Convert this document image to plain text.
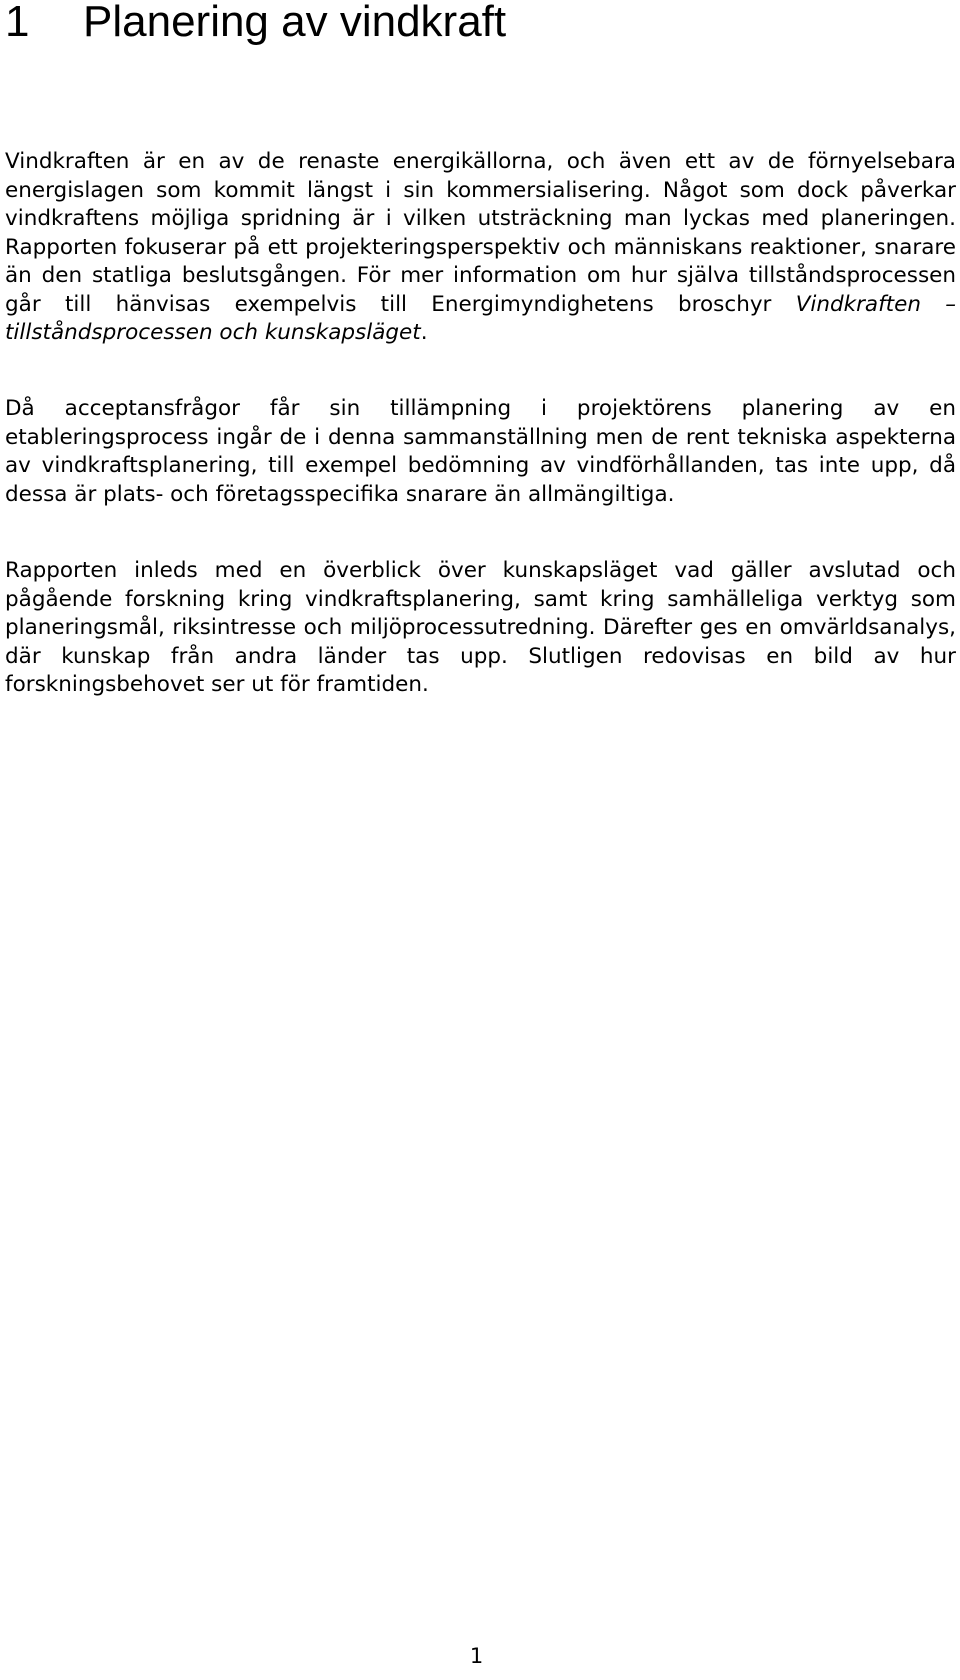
1 Planering av vindkraft

Vindkraften är en av de renaste energikällorna, och även ett av de förnyelsebara energislagen som kommit längst i sin kommersialisering. Något som dock påverkar vindkraftens möjliga spridning är i vilken utsträckning man lyckas med planeringen. Rapporten fokuserar på ett projekteringsperspektiv och människans reaktioner, snarare än den statliga beslutsgången. För mer information om hur själva tillståndsprocessen går till hänvisas exempelvis till Energimyndighetens broschyr Vindkraften – tillståndsprocessen och kunskapsläget.

Då acceptansfrågor får sin tillämpning i projektörens planering av en etableringsprocess ingår de i denna sammanställning men de rent tekniska aspekterna av vindkraftsplanering, till exempel bedömning av vindförhållanden, tas inte upp, då dessa är plats- och företagsspecifika snarare än allmängiltiga.

Rapporten inleds med en överblick över kunskapsläget vad gäller avslutad och pågående forskning kring vindkraftsplanering, samt kring samhälleliga verktyg som planeringsmål, riksintresse och miljöprocessutredning. Därefter ges en omvärldsanalys, där kunskap från andra länder tas upp. Slutligen redovisas en bild av hur forskningsbehovet ser ut för framtiden.

1
